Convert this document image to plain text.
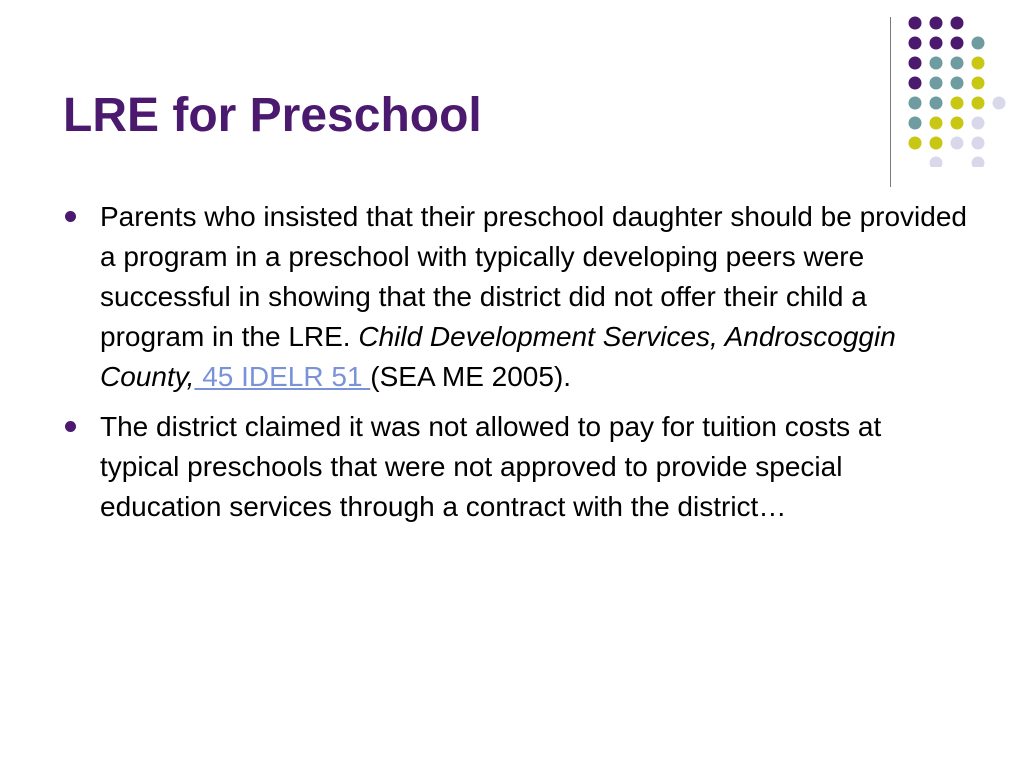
LRE for Preschool
Parents who insisted that their preschool daughter should be provided a program in a preschool with typically developing peers were successful in showing that the district did not offer their child a program in the LRE. Child Development Services, Androscoggin County, 45 IDELR 51 (SEA ME 2005).
The district claimed it was not allowed to pay for tuition costs at typical preschools that were not approved to provide special education services through a contract with the district…
